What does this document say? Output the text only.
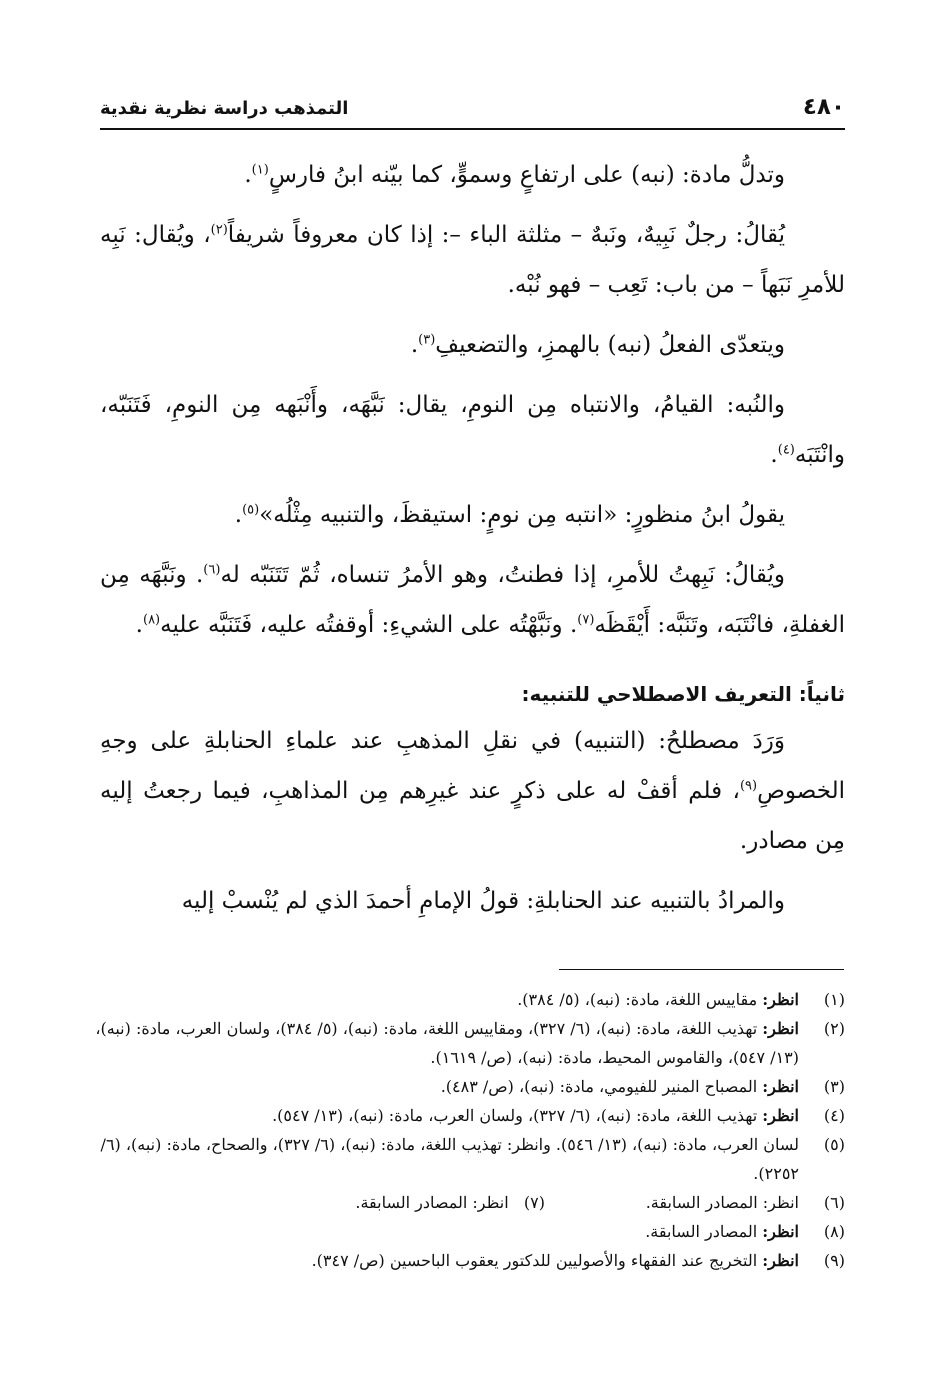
٤٨٠
التمذهب دراسة نظرية نقدية

وتدلُّ مادة: (نبه) على ارتفاعٍ وسموٍّ، كما بيّنه ابنُ فارسٍ$^{(١)}$.

يُقالُ: رجلٌ نَبِيهٌ، ونَبهٌ – مثلثة الباء –: إذا كان معروفاً شريفاً$^{(٢)}$، ويُقال: نَبِه للأمرِ نَبَهاً – من باب: تَعِب – فهو نُبْه.

ويتعدّى الفعلُ (نبه) بالهمزِ، والتضعيفِ$^{(٣)}$.

والنُبه: القيامُ، والانتباه مِن النومِ، يقال: نَبَّهَه، وأَنْبَهه مِن النومِ، فَتَنَبّه، وانْتَبَه$^{(٤)}$.

يقولُ ابنُ منظورٍ: «انتبه مِن نومٍ: استيقظَ، والتنبيه مِثْلُه»$^{(٥)}$.

ويُقالُ: نَبِهتُ للأمرِ، إذا فطنتُ، وهو الأمرُ تنساه، ثُمّ تَتَنَبّه له$^{(٦)}$. ونَبَّهَه مِن الغفلةِ، فانْتَبَه، وتَنَبَّه: أَيْقَظَه$^{(٧)}$. ونَبَّهْتُه على الشيءِ: أوقفتُه عليه، فَتَنَبَّه عليه$^{(٨)}$.

ثانياً: التعريف الاصطلاحي للتنبيه:

وَرَدَ مصطلحُ: (التنبيه) في نقلِ المذهبِ عند علماءِ الحنابلةِ على وجهِ الخصوصِ$^{(٩)}$، فلم أقفْ له على ذكرٍ عند غيرِهم مِن المذاهبِ، فيما رجعتُ إليه مِن مصادر.

والمرادُ بالتنبيه عند الحنابلةِ: قولُ الإمامِ أحمدَ الذي لم يُنْسبْ إليه

(١)
انظر: مقاييس اللغة، مادة: (نبه)، (٥/ ٣٨٤).
(٢)
انظر: تهذيب اللغة، مادة: (نبه)، (٦/ ٣٢٧)، ومقاييس اللغة، مادة: (نبه)، (٥/ ٣٨٤)، ولسان العرب، مادة: (نبه)، (١٣/ ٥٤٧)، والقاموس المحيط، مادة: (نبه)، (ص/ ١٦١٩).
(٣)
انظر: المصباح المنير للفيومي، مادة: (نبه)، (ص/ ٤٨٣).
(٤)
انظر: تهذيب اللغة، مادة: (نبه)، (٦/ ٣٢٧)، ولسان العرب، مادة: (نبه)، (١٣/ ٥٤٧).
(٥)
لسان العرب، مادة: (نبه)، (١٣/ ٥٤٦). وانظر: تهذيب اللغة، مادة: (نبه)، (٦/ ٣٢٧)، والصحاح، مادة: (نبه)، (٦/ ٢٢٥٢).
(٦)
انظر: المصادر السابقة.
(٧)   انظر: المصادر السابقة.
(٨)
انظر: المصادر السابقة.
(٩)
انظر: التخريج عند الفقهاء والأصوليين للدكتور يعقوب الباحسين (ص/ ٣٤٧).
